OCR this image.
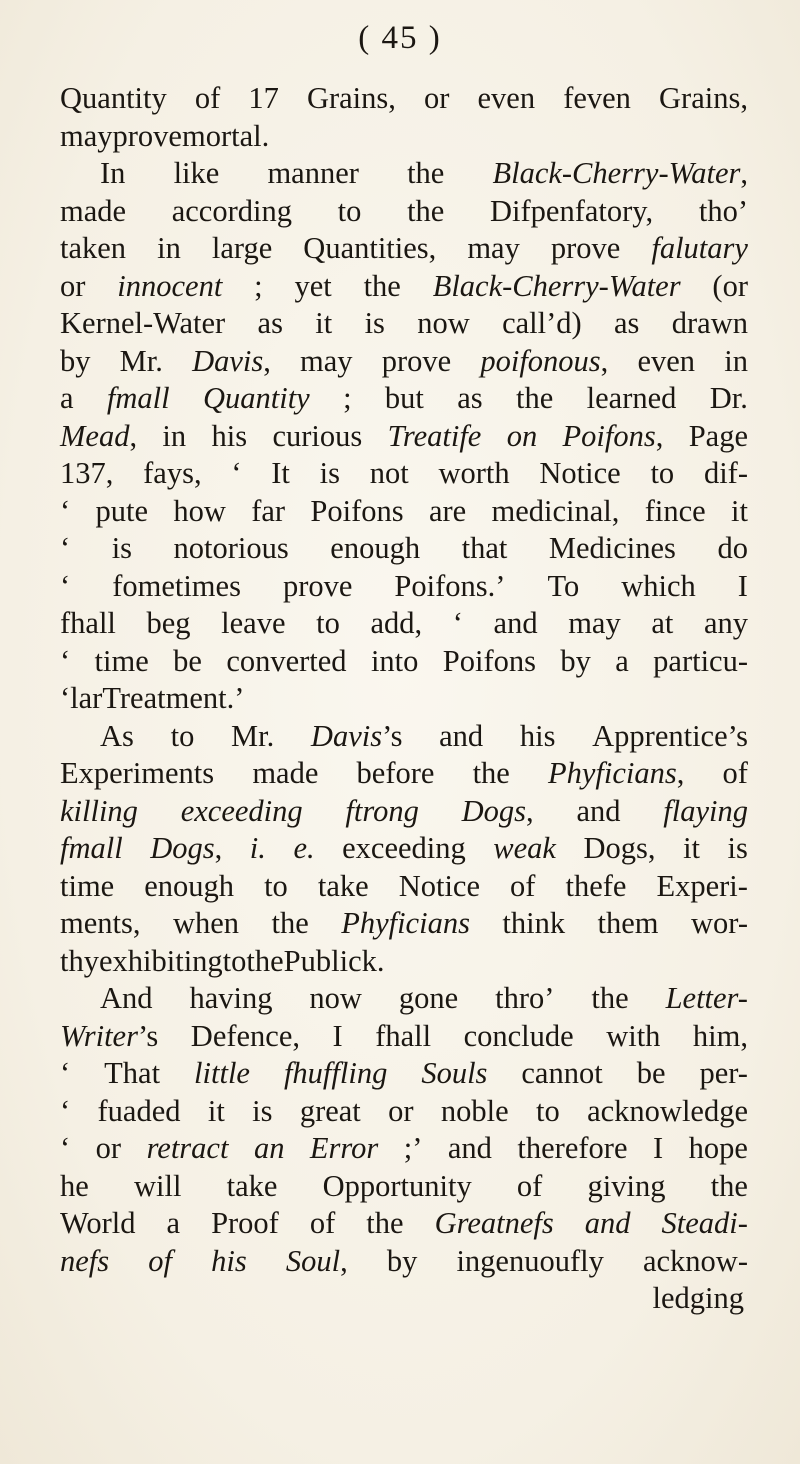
( 45 )
Quantity of 17 Grains, or even feven Grains,
may prove mortal.
In like manner the Black-Cherry-Water,
made according to the Difpenfatory, tho’
taken in large Quantities, may prove falutary
or innocent ; yet the Black-Cherry-Water (or
Kernel-Water as it is now call’d) as drawn
by Mr. Davis, may prove poifonous, even in
a fmall Quantity ; but as the learned Dr.
Mead, in his curious Treatife on Poifons, Page
137, fays, ‘ It is not worth Notice to dif-
‘ pute how far Poifons are medicinal, fince it
‘ is notorious enough that Medicines do
‘ fometimes prove Poifons.’ To which I
fhall beg leave to add, ‘ and may at any
‘ time be converted into Poifons by a particu-
‘ lar Treatment.’
As to Mr. Davis’s and his Apprentice’s
Experiments made before the Phyficians, of
killing exceeding ftrong Dogs, and flaying
fmall Dogs, i. e. exceeding weak Dogs, it is
time enough to take Notice of thefe Experi-
ments, when the Phyficians think them wor-
thy exhibiting to the Publick.
And having now gone thro’ the Letter-
Writer’s Defence, I fhall conclude with him,
‘ That little fhuffling Souls cannot be per-
‘ fuaded it is great or noble to acknowledge
‘ or retract an Error ;’ and therefore I hope
he will take Opportunity of giving the
World a Proof of the Greatnefs and Steadi-
nefs of his Soul, by ingenuoufly acknow-
ledging
